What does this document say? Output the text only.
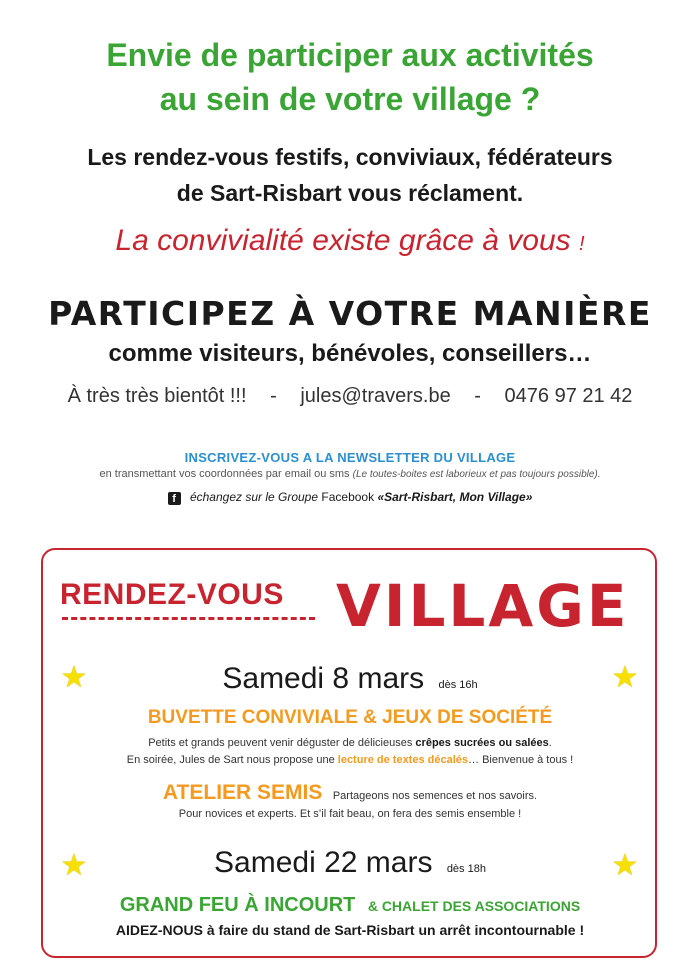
Envie de participer aux activités
au sein de votre village ?
Les rendez-vous festifs, conviviaux, fédérateurs
de Sart-Risbart vous réclament.
La convivialité existe grâce à vous !
PARTICIPEZ À VOTRE MANIÈRE
comme visiteurs, bénévoles, conseillers…
À très très bientôt !!! - jules@travers.be - 0476 97 21 42
INSCRIVEZ-VOUS A LA NEWSLETTER DU VILLAGE
en transmettant vos coordonnées par email ou sms (Le toutes-boites est laborieux et pas toujours possible).
f échangez sur le Groupe Facebook «Sart-Risbart, Mon Village»
RENDEZ-VOUS VILLAGE
★	★
★	★
Samedi 8 mars dès 16h
BUVETTE CONVIVIALE & JEUX DE SOCIÉTÉ
Petits et grands peuvent venir déguster de délicieuses crêpes sucrées ou salées.
En soirée, Jules de Sart nous propose une lecture de textes décalés… Bienvenue à tous !
ATELIER SEMIS Partageons nos semences et nos savoirs.
Pour novices et experts. Et s’il fait beau, on fera des semis ensemble !
Samedi 22 mars dès 18h
GRAND FEU À INCOURT & CHALET DES ASSOCIATIONS
AIDEZ-NOUS à faire du stand de Sart-Risbart un arrêt incontournable !
